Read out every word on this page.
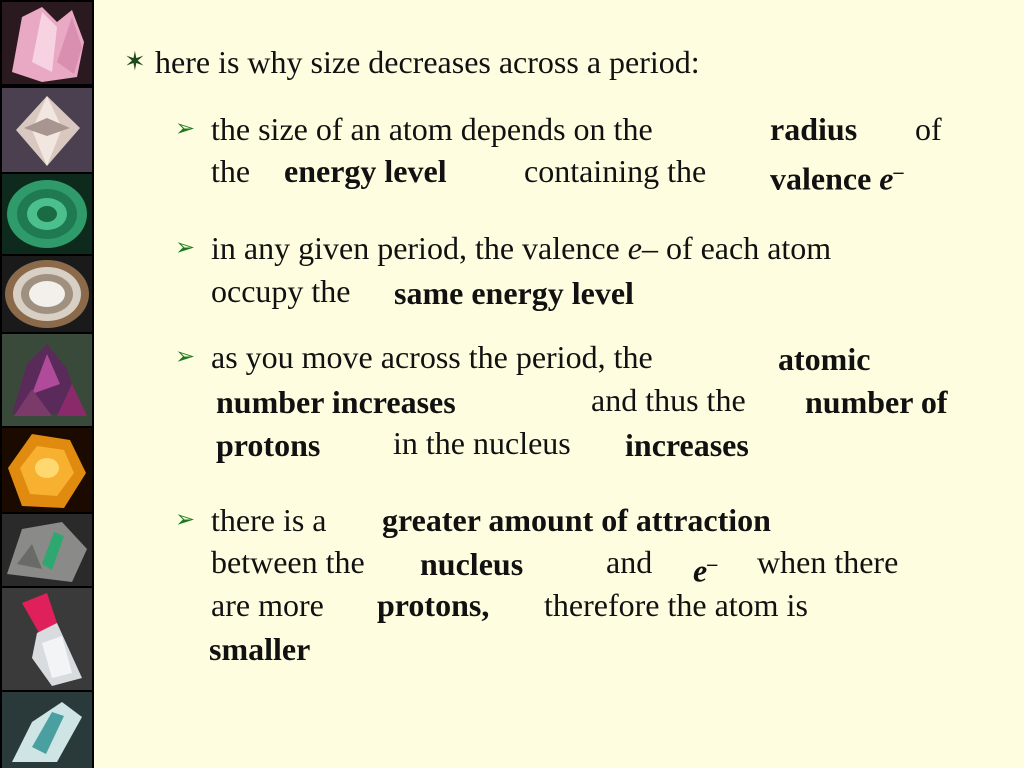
✶ here is why size decreases across a period:
➢ the size of an atom depends on the	radius of
the energy level containing the valence e–
➢ in any given period, the valence e– of each atom
occupy the same energy level
➢ as you move across the period, the	atomic
number increases	and thus the number of
protons in the nucleus increases
➢ there is a greater amount of attraction
between the nucleus	and e– when there
are more protons, therefore the atom is
smaller
